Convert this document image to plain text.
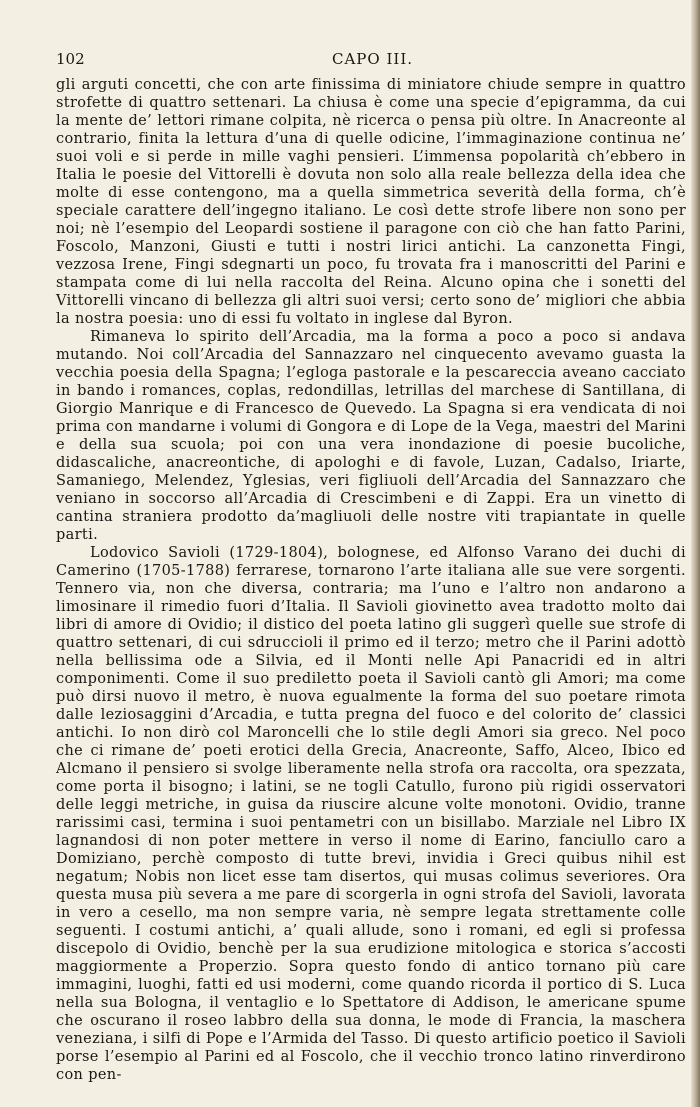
102	CAPO III.

gli arguti concetti, che con arte finissima di miniatore chiude sempre in quattro strofette di quattro settenari. La chiusa è come una specie d’epigramma, da cui la mente de’ lettori rimane colpita, nè ricerca o pensa più oltre. In Anacreonte al contrario, finita la lettura d’una di quelle odicine, l’immaginazione continua ne’ suoi voli e si perde in mille vaghi pensieri. L’immensa popolarità ch’ebbero in Italia le poesie del Vittorelli è dovuta non solo alla reale bellezza della idea che molte di esse contengono, ma a quella simmetrica severità della forma, ch’è speciale carattere dell’ingegno italiano. Le così dette strofe libere non sono per noi; nè l’esempio del Leopardi sostiene il paragone con ciò che han fatto Parini, Foscolo, Manzoni, Giusti e tutti i nostri lirici antichi. La canzonetta Fingi, vezzosa Irene, Fingi sdegnarti un poco, fu trovata fra i manoscritti del Parini e stampata come di lui nella raccolta del Reina. Alcuno opina che i sonetti del Vittorelli vincano di bellezza gli altri suoi versi; certo sono de’ migliori che abbia la nostra poesia: uno di essi fu voltato in inglese dal Byron.

Rimaneva lo spirito dell’Arcadia, ma la forma a poco a poco si andava mutando. Noi coll’Arcadia del Sannazzaro nel cinquecento avevamo guasta la vecchia poesia della Spagna; l’egloga pastorale e la pescareccia aveano cacciato in bando i romances, coplas, redondillas, letrillas del marchese di Santillana, di Giorgio Manrique e di Francesco de Quevedo. La Spagna si era vendicata di noi prima con mandarne i volumi di Gongora e di Lope de la Vega, maestri del Marini e della sua scuola; poi con una vera inondazione di poesie bucoliche, didascaliche, anacreontiche, di apologhi e di favole, Luzan, Cadalso, Iriarte, Samaniego, Melendez, Yglesias, veri figliuoli dell’Arcadia del Sannazzaro che veniano in soccorso all’Arcadia di Crescimbeni e di Zappi. Era un vinetto di cantina straniera prodotto da’magliuoli delle nostre viti trapiantate in quelle parti.

Lodovico Savioli (1729-1804), bolognese, ed Alfonso Varano dei duchi di Camerino (1705-1788) ferrarese, tornarono l’arte italiana alle sue vere sorgenti. Tennero via, non che diversa, contraria; ma l’uno e l’altro non andarono a limosinare il rimedio fuori d’Italia. Il Savioli giovinetto avea tradotto molto dai libri di amore di Ovidio; il distico del poeta latino gli suggerì quelle sue strofe di quattro settenari, di cui sdruccioli il primo ed il terzo; metro che il Parini adottò nella bellissima ode a Silvia, ed il Monti nelle Api Panacridi ed in altri componimenti. Come il suo prediletto poeta il Savioli cantò gli Amori; ma come può dirsi nuovo il metro, è nuova egualmente la forma del suo poetare rimota dalle leziosaggini d’Arcadia, e tutta pregna del fuoco e del colorito de’ classici antichi. Io non dirò col Maroncelli che lo stile degli Amori sia greco. Nel poco che ci rimane de’ poeti erotici della Grecia, Anacreonte, Saffo, Alceo, Ibico ed Alcmano il pensiero si svolge liberamente nella strofa ora raccolta, ora spezzata, come porta il bisogno; i latini, se ne togli Catullo, furono più rigidi osservatori delle leggi metriche, in guisa da riuscire alcune volte monotoni. Ovidio, tranne rarissimi casi, termina i suoi pentametri con un bisillabo. Marziale nel Libro IX lagnandosi di non poter mettere in verso il nome di Earino, fanciullo caro a Domiziano, perchè composto di tutte brevi, invidia i Greci quibus nihil est negatum; Nobis non licet esse tam disertos, qui musas colimus severiores. Ora questa musa più severa a me pare di scorgerla in ogni strofa del Savioli, lavorata in vero a cesello, ma non sempre varia, nè sempre legata strettamente colle seguenti. I costumi antichi, a’ quali allude, sono i romani, ed egli si professa discepolo di Ovidio, benchè per la sua erudizione mitologica e storica s’accosti maggiormente a Properzio. Sopra questo fondo di antico tornano più care immagini, luoghi, fatti ed usi moderni, come quando ricorda il portico di S. Luca nella sua Bologna, il ventaglio e lo Spettatore di Addison, le americane spume che oscurano il roseo labbro della sua donna, le mode di Francia, la maschera veneziana, i silfi di Pope e l’Armida del Tasso. Di questo artificio poetico il Savioli porse l’esempio al Parini ed al Foscolo, che il vecchio tronco latino rinverdirono con pen-
